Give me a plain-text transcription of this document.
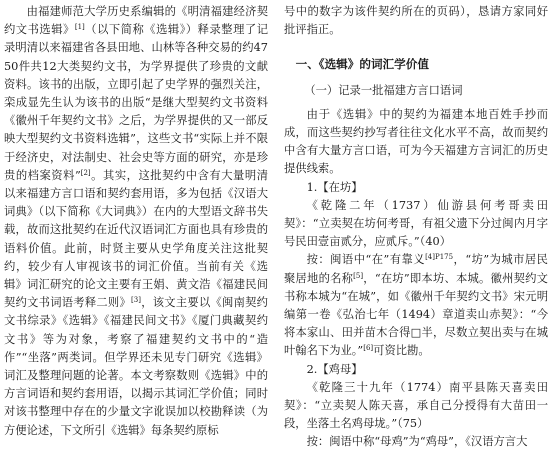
由福建师范大学历史系编辑的《明清福建经济契约文书选辑》[1]（以下简称《选辑》）释录整理了记录明清以来福建省各县田地、山林等各种交易的约4750件共12大类契约文书，为学界提供了珍贵的文献资料。该书的出版，立即引起了史学界的强烈关注，栾成显先生认为该书的出版“是继大型契约文书资料《徽州千年契约文书》之后，为学界提供的又一部反映大型契约文书资料选辑”，这些文书“实际上并不限于经济史，对法制史、社会史等方面的研究，亦是珍贵的档案资料”[2]。其实，这批契约中含有大量明清以来福建方言口语和契约套用语，多为包括《汉语大词典》（以下简称《大词典》）在内的大型语文辞书失载，故而这批契约在近代汉语词汇方面也具有珍贵的语料价值。此前，时贤主要从史学角度关注这批契约，较少有人审视该书的词汇价值。当前有关《选辑》词汇研究的论文主要有王娟、黄文浩《福建民间契约文书词语考释二则》[3]，该文主要以《闽南契约文书综录》《选辑》《福建民间文书》《厦门典藏契约文书》等为对象，考察了福建契约文书中的“造作”“坐落”两类词。但学界还未见专门研究《选辑》词汇及整理问题的论著。本文考察数则《选辑》中的方言词语和契约套用语，以揭示其词汇学价值；同时对该书整理中存在的少量文字讹误加以校勘释读（为方便论述，下文所引《选辑》每条契约原标

号中的数字为该件契约所在的页码），恳请方家同好批评指正。

一、《选辑》的词汇学价值

（一）记录一批福建方言口语词

由于《选辑》中的契约为福建本地百姓手抄而成，而这些契约抄写者往往文化水平不高，故而契约中含有大量方言口语，可为今天福建方言词汇的历史提供线索。

1.【在坊】

《乾隆二年（1737）仙游县何考哥卖田契》：“立卖契在坊何考哥，有祖父遗下分过闽内月字号民田壹亩贰分，应贰斥。”（40）

按：闽语中“在”有靠义$^{[4]P175}$，“坊”为城市居民聚居地的名称[5]，“在坊”即本坊、本城。徽州契约文书称本城为“在城”，如《徽州千年契约文书》宋元明编第一卷《弘治七年（1494）章道卖山赤契》：“今将本家山、田并苗木合得□半，尽数立契出卖与在城叶翰名下为业。”[6]可资比勘。

2.【鸡母】

《乾隆三十九年（1774）南平县陈天喜卖田契》：“立卖契人陈天喜，承自己分授得有大苗田一段，坐落土名鸡母垅。”（75）

按：闽语中称“母鸡”为“鸡母”，《汉语方言大
